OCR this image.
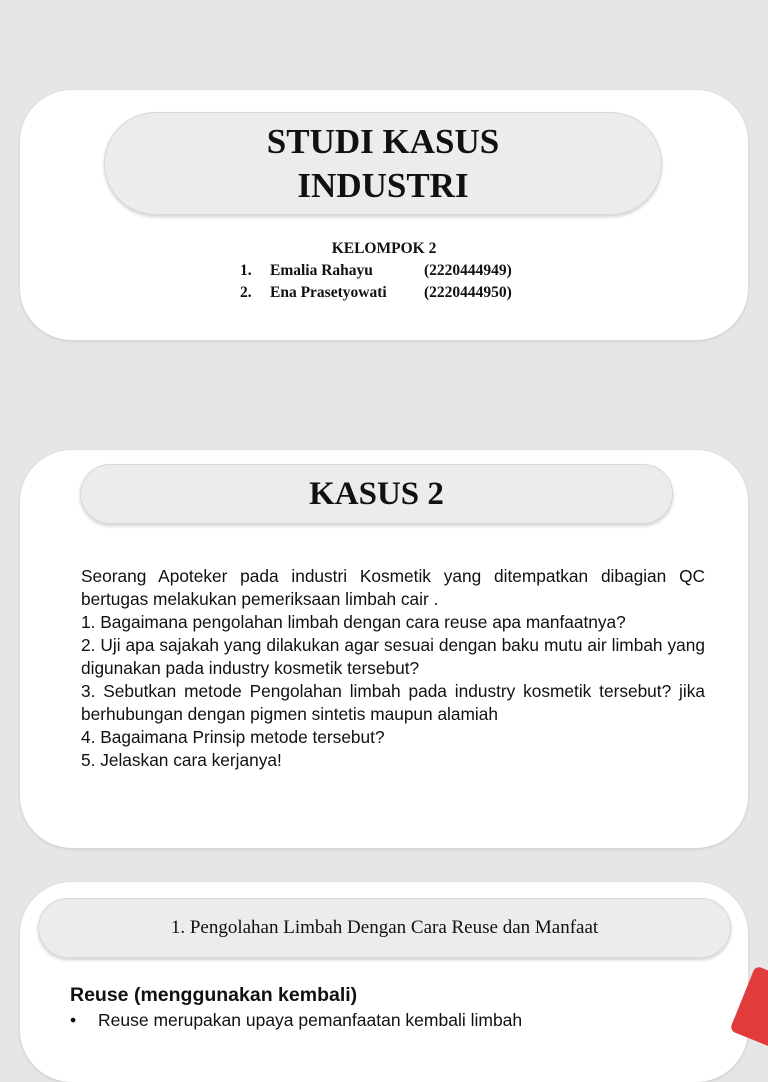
STUDI KASUS INDUSTRI
KELOMPOK 2
1. Emalia Rahayu	(2220444949)
2. Ena Prasetyowati (2220444950)
KASUS 2

Seorang Apoteker pada industri Kosmetik yang ditempatkan dibagian QC bertugas melakukan pemeriksaan limbah cair .

1. Bagaimana pengolahan limbah dengan cara reuse apa manfaatnya?

2. Uji apa sajakah yang dilakukan agar sesuai dengan baku mutu air limbah yang digunakan pada industry kosmetik tersebut?

3. Sebutkan metode Pengolahan limbah pada industry kosmetik tersebut? jika berhubungan dengan pigmen sintetis maupun alamiah

4. Bagaimana Prinsip metode tersebut?

5. Jelaskan cara kerjanya!

1. Pengolahan Limbah Dengan Cara Reuse dan Manfaat
Reuse (menggunakan kembali)
• Reuse merupakan upaya pemanfaatan kembali limbah
